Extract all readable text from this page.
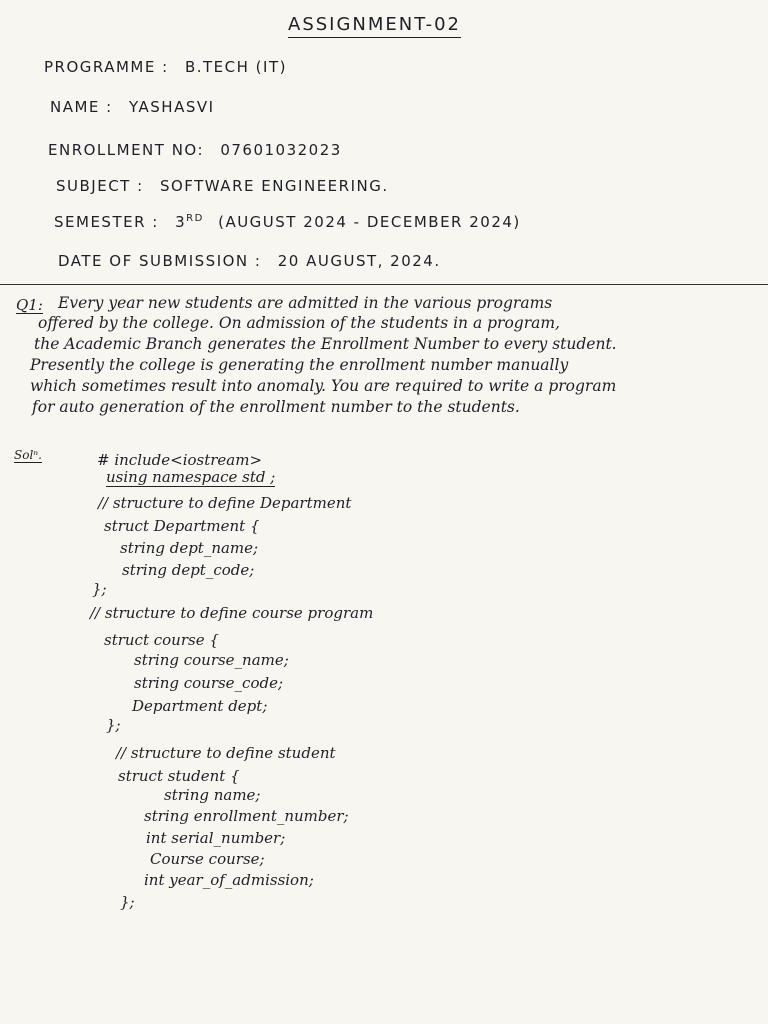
ASSIGNMENT-02
PROGRAMME : B.TECH (IT)
NAME : YASHASVI
ENROLLMENT NO: 07601032023
SUBJECT : SOFTWARE ENGINEERING.
SEMESTER : 3RD (AUGUST 2024 - DECEMBER 2024)
DATE OF SUBMISSION : 20 AUGUST, 2024.
Q1: Every year new students are admitted in the various programs
offered by the college. On admission of the students in a program,
the Academic Branch generates the Enrollment Number to every student.
Presently the college is generating the enrollment number manually
which sometimes result into anomaly. You are required to write a program
for auto generation of the enrollment number to the students.
Solⁿ.	# include<iostream>
using namespace std ;
// structure to define Department
struct Department {
string dept_name;
string dept_code;
};
// structure to define course program
struct course {
string course_name;
string course_code;
Department dept;
};
// structure to define student
struct student {
string name;
string enrollment_number;
int serial_number;
Course course;
int year_of_admission;
};
